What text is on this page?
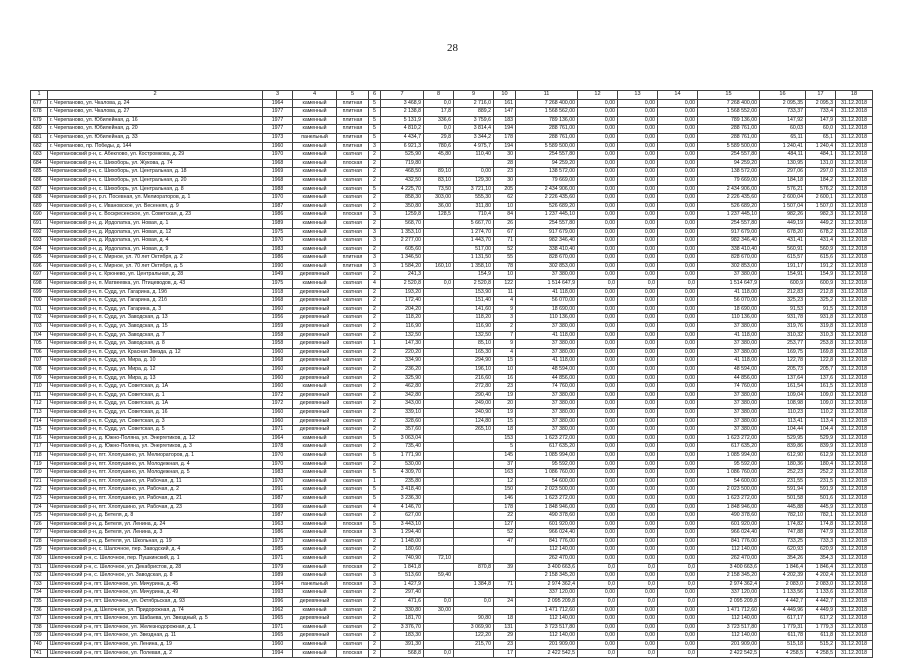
28
1	2	3	4	5	6	7	8	9	10	11	12	13	14	15	16	17	18
677	г. Черепаново, ул. Чкалова, д. 24	1964	каменный	плитная	5	3 468,9	0,0	2 716,0	161	7 268 400,00	0,00	0,00	0,00	7 268 400,00	2 095,35	2 095,3	31.12.2018
678	г. Черепаново, ул. Чкалова, д. 27	1977	каменный	плитная	5	2 138,8	17,8	889,2	147	1 568 562,00	0,00	0,00	0,00	1 568 552,00	733,37	733,4	31.12.2018
679	г. Черепаново, ул. Юбилейная, д. 16	1977	каменный	плитная	5	5 131,9	336,6	3 759,6	183	789 136,00	0,00	0,00	0,00	789 136,00	147,92	147,9	31.12.2018
680	г. Черепаново, ул. Юбилейная, д. 20	1977	каменный	плитная	5	4 810,2	0,0	3 814,4	194	288 761,00	0,00	0,00	0,00	288 761,00	60,03	60,0	31.12.2018
681	г. Черепаново, ул. Юбилейная, д. 33	1973	панельный	плитная	5	4 434,7	29,8	3 344,2	178	288 761,00	0,00	0,00	0,00	288 761,00	65,11	65,1	31.12.2018
682	г. Черепаново, пр. Победы, д. 144	1960	каменный	плитная	3	6 921,3	780,6	4 975,7	194	5 589 500,00	0,00	0,00	0,00	5 589 500,00	1 240,41	1 240,4	31.12.2018
683	Черепановский р-н, с. Абеклово, ул. Костромкова, д. 29	1970	каменный	скатная	2	525,90	45,80	110,40	30	254 557,80	0,00	0,00	0,00	254 557,80	484,11	484,1	31.12.2018
684	Черепановский р-н, с. Шихоборь, ул. Жукова, д. 74	1968	каменный	плоская	2	719,80			28	94 259,20	0,00	0,00	0,00	94 259,20	130,95	131,0	31.12.2018
685	Черепановский р-н, с. Шихоборь, ул. Центральная, д. 18	1969	каменный	скатная	2	468,50	89,10	0,00	23	138 572,00	0,00	0,00	0,00	138 572,00	297,06	297,0	31.12.2018
686	Черепановский р-н, с. Шихоборь, ул. Центральная, д. 20	1968	каменный	скатная	2	432,50	83,10	129,30	30	79 669,00	0,00	0,00	0,00	79 669,00	184,18	184,2	31.12.2018
687	Черепановский р-н, с. Шихоборь, ул. Центральная, д. 8	1988	каменный	скатная	5	4 225,70	73,50	3 721,10	205	2 434 906,00	0,00	0,00	0,00	2 434 906,00	576,21	576,2	31.12.2018
688	Черепановский р-н, р.п. Посевная, ул. Мелиораторов, д. 1	1970	каменный	скатная	2	858,30	303,00	555,30	62	2 226 435,60	0,00	0,00	0,00	2 226 435,60	2 600,04	2 600,1	31.12.2018
689	Черепановский р-н, с. Ивановское, ул. Весенняя, д. 9	1987	каменный	скатная	2	350,80	36,00	311,80	10	526 689,20	0,00	0,00	0,00	526 689,20	1 507,04	1 507,0	31.12.2018
690	Черепановский р-н, с. Воскресенское, ул. Советская, д. 23	1986	каменный	плоская	3	1259,8	128,5	710,4	84	1 237 445,10	0,00	0,00	0,00	1 237 445,10	982,26	982,3	31.12.2018
691	Черепановский р-н, д. Ирдолатка, ул. Новая, д. 1	1989	каменный	скатная	2	568,70		5 667,70	26	254 557,80	0,00	0,00	0,00	254 557,80	449,19	449,2	31.12.2018
692	Черепановский р-н, д. Ирдолатка, ул. Новая, д. 12	1975	каменный	скатная	3	1 353,10		1 274,70	67	917 679,00	0,00	0,00	0,00	917 679,00	678,20	678,2	31.12.2018
693	Черепановский р-н, д. Ирдолатка, ул. Новая, д. 4	1970	каменный	скатная	3	2 277,00		1 443,70	71	982 346,40	0,00	0,00	0,00	982 346,40	431,41	431,4	31.12.2018
694	Черепановский р-н, д. Ирдолатка, ул. Новая, д. 9	1983	каменный	скатная	2	605,60		517,00	52	338 410,40	0,00	0,00	0,00	338 410,40	560,91	560,9	31.12.2018
695	Черепановский р-н, с. Мирное, ул. 70 лет Октября, д. 2	1986	каменный	плитная	3	1 346,50		1 131,50	55	828 670,00	0,00	0,00	0,00	828 670,00	615,57	615,6	31.12.2018
696	Черепановский р-н, с. Мирное, ул. 70 лет Октября, д. 5	1990	каменный	плитная	3	1 584,20	160,10	1 358,10	78	302 853,00	0,00	0,00	0,00	302 853,00	191,17	191,2	31.12.2018
697	Черепановский р-н, с. Крюнево, ул. Центральная, д. 28	1949	деревянный	скатная	2	241,3		154,9	10	37 380,00	0,00	0,00	0,00	37 380,00	154,91	154,9	31.12.2018
698	Черепановский р-н, п. Матвеевка, ул. Птицеводов, д. 43	1975	каменный	скатная	4	2 520,8	0,0	2 520,8	122	1 514 647,9	0,0	0,0	0,0	1 514 647,9	600,9	600,9	31.12.2018
699	Черепановский р-н, п. Судд, ул. Гагарина, д. 19б	1918	деревянный	скатная	2	193,20		153,90	11	41 118,00	0,00	0,00	0,00	41 118,00	212,83	212,8	31.12.2018
700	Черепановский р-н, п. Судд, ул. Гагарина, д. 21б	1968	деревянный	скатная	2	172,40		151,40	4	56 070,00	0,00	0,00	0,00	56 070,00	325,23	325,2	31.12.2018
701	Черепановский р-н, п. Судд, ул. Гагарина, д. 3	1960	деревянный	скатная	2	204,20		141,60	9	18 690,00	0,00	0,00	0,00	18 690,00	91,53	91,5	31.12.2018
702	Черепановский р-н, п. Судд, ул. Заводская, д. 13	1956	деревянный	скатная	2	118,20		118,20	3	110 136,00	0,00	0,00	0,00	110 136,00	931,78	931,8	31.12.2018
703	Черепановский р-н, п. Судд, ул. Заводская, д. 15	1959	деревянный	скатная	2	116,90		116,90	2	37 380,00	0,00	0,00	0,00	37 380,00	319,76	319,8	31.12.2018
704	Черепановский р-н, п. Судд, ул. Заводская, д. 7	1958	деревянный	скатная	2	132,50		132,50	7	41 118,00	0,00	0,00	0,00	41 118,00	310,32	310,3	31.12.2018
705	Черепановский р-н, п. Судд, ул. Заводская, д. 8	1958	деревянный	скатная	1	147,30		85,10	9	37 380,00	0,00	0,00	0,00	37 380,00	253,77	253,8	31.12.2018
706	Черепановский р-н, п. Судд, ул. Красная Звезда, д. 12	1960	деревянный	скатная	2	220,20		165,30	4	37 380,00	0,00	0,00	0,00	37 380,00	169,75	169,8	31.12.2018
707	Черепановский р-н, п. Судд, ул. Мира, д. 10	1968	деревянный	скатная	2	334,90		294,90	15	41 118,00	0,00	0,00	0,00	41 118,00	122,78	122,8	31.12.2018
708	Черепановский р-н, п. Судд, ул. Мира, д. 12	1960	деревянный	скатная	2	236,20		196,10	10	48 594,00	0,00	0,00	0,00	48 594,00	205,73	205,7	31.12.2018
709	Черепановский р-н, п. Судд, ул. Мира, д. 13	1960	деревянный	скатная	2	325,90		216,60	16	44 856,00	0,00	0,00	0,00	44 856,00	137,64	137,6	31.12.2018
710	Черепановский р-н, п. Судд, ул. Советская, д. 1А	1960	каменный	скатная	2	462,80		272,80	23	74 760,00	0,00	0,00	0,00	74 760,00	161,54	161,5	31.12.2018
711	Черепановский р-н, п. Судд, ул. Советская, д. 1	1972	деревянный	скатная	2	342,80		290,40	19	37 380,00	0,00	0,00	0,00	37 380,00	109,04	109,0	31.12.2018
712	Черепановский р-н, п. Судд, ул. Советская, д. 1А	1972	деревянный	скатная	2	343,00		249,00	20	37 380,00	0,00	0,00	0,00	37 380,00	108,98	109,0	31.12.2018
713	Черепановский р-н, п. Судд, ул. Советская, д. 16	1960	деревянный	скатная	2	339,10		240,90	19	37 380,00	0,00	0,00	0,00	37 380,00	110,23	110,2	31.12.2018
714	Черепановский р-н, п. Судд, ул. Советская, д. 3	1960	деревянный	скатная	2	328,60		124,80	15	37 380,00	0,00	0,00	0,00	37 380,00	113,41	113,4	31.12.2018
715	Черепановский р-н, п. Судд, ул. Советская, д. 5	1971	деревянный	скатная	2	357,60		265,10	18	37 380,00	0,00	0,00	0,00	37 380,00	104,44	104,4	31.12.2018
716	Черепановский р-н, д. Южно-Поляна, ул. Энергетиков, д. 12	1964	каменный	скатная	5	3 063,04			153	1 623 272,00	0,00	0,00	0,00	1 623 272,00	529,95	529,9	31.12.2018
717	Черепановский р-н, д. Южно-Поляна, ул. Энергетиков, д. 3	1978	каменный	скатная	2	735,40			5	617 635,20	0,00	0,00	0,00	617 635,20	839,86	839,9	31.12.2018
718	Черепановский р-н, пгт. Хлопушино, ул. Мелиораторов, д. 1	1970	каменный	скатная	5	1 771,90			145	1 085 994,00	0,00	0,00	0,00	1 085 994,00	612,90	612,9	31.12.2018
719	Черепановский р-н, пгт. Хлопушино, ул. Молодежная, д. 4	1970	каменный	скатная	2	530,00			37	95 592,00	0,00	0,00	0,00	95 592,00	180,36	180,4	31.12.2018
720	Черепановский р-н, пгт. Хлопушино, ул. Молодежная, д. 5	1983	каменный	скатная	5	4 309,70			163	1 086 760,00	0,00	0,00	0,00	1 086 760,00	252,23	252,2	31.12.2018
721	Черепановский р-н, пгт. Хлопушино, ул. Рабочая, д. 11	1970	каменный	скатная	1	235,80			12	54 600,00	0,00	0,00	0,00	54 600,00	231,55	231,5	31.12.2018
722	Черепановский р-н, пгт. Хлопушино, ул. Рабочая, д. 2	1991	каменный	скатная	5	3 418,40			150	2 023 500,00	0,00	0,00	0,00	2 023 500,00	591,94	591,9	31.12.2018
723	Черепановский р-н, пгт. Хлопушино, ул. Рабочая, д. 21	1987	каменный	скатная	5	3 236,30			146	1 623 272,00	0,00	0,00	0,00	1 623 272,00	501,58	501,6	31.12.2018
724	Черепановский р-н, пгт. Хлопушино, ул. Рабочая, д. 23	1969	каменный	скатная	4	4 146,70			178	1 848 946,00	0,00	0,00	0,00	1 848 946,00	445,88	445,9	31.12.2018
725	Черепановский р-н, д. Бетеля, д. 8	1987	каменный	скатная	2	627,00			22	490 378,60	0,00	0,00	0,00	490 378,60	782,10	782,1	31.12.2018
726	Черепановский р-н, д. Бетеля, ул. Ленина, д. 24	1963	каменный	плоская	5	3 443,10			127	601 920,00	0,00	0,00	0,00	601 920,00	174,82	174,8	31.12.2018
727	Черепановский р-н, д. Бетеля, ул. Ленина, д. 3	1986	каменный	плоская	3	1 294,40			52	966 024,40	0,00	0,00	0,00	966 024,40	747,88	747,9	31.12.2018
728	Черепановский р-н, д. Бетеля, ул. Школьная, д. 19	1973	каменный	скатная	2	1 148,00			47	841 776,00	0,00	0,00	0,00	841 776,00	733,25	733,3	31.12.2018
729	Черепановский р-н, с. Шалочное, пер. Заводский, д. 4	1985	каменный	скатная	2	180,60				112 140,00	0,00	0,00	0,00	112 140,00	620,93	620,9	31.12.2018
730	Шелочинский р-н, с. Шелочное, пер. Пушкинский, д. 1	1971	каменный	скатная	2	740,90	72,10			262 470,00	0,00	0,00	0,00	262 470,00	354,26	354,3	31.12.2018
731	Шелочинский р-н, с. Шелочное, ул. Декабристов, д. 28	1979	каменный	плоская	2	1 841,8		870,8	39	3 400 663,6	0,0	0,0	0,0	3 400 663,6	1 846,4	1 846,4	31.12.2018
732	Шелочинский р-н, с. Шелочное, ул. Заводская, д. 8	1989	каменный	скатная	3	513,60	59,40			2 158 345,20	0,00	0,00	0,00	2 158 345,20	4 202,39	4 202,4	31.12.2018
733	Шелочинский р-н, пгт. Шелочное, ул. Мичурина, д. 45	1994	панельный	плоская	3	1 427,9		1 384,8	71	2 974 362,4	0,0	0,0	0,0	2 974 362,4	2 083,0	2 083,0	31.12.2018
734	Шелочинский р-н, пгт. Шелочное, ул. Мичурина, д. 49	1993	каменный	скатная	2	297,40				337 120,00	0,00	0,00	0,00	337 120,00	1 133,56	1 133,6	31.12.2018
735	Шелочинский р-н, пгт. Шелочное, ул. Октябрьская, д. 93	1996	деревянный	скатная	2	471,6	0,0	0,0	24	2 095 209,8	0,0	0,0	0,0	2 095 209,8	4 442,7	4 442,7	31.12.2018
736	Шелочинский р-н, д. Шелочное, ул. Придорожная, д. 74	1962	каменный	скатная	2	330,80	30,00			1 471 712,60	0,00	0,00	0,00	1 471 712,60	4 449,96	4 449,9	31.12.2018
737	Шелочинский р-н, пгт. Шелочное, ул. Шабаева, ул. Звездный, д. 5	1965	деревянный	скатная	2	181,70		90,80	18	112 140,00	0,00	0,00	0,00	112 140,00	617,17	617,2	31.12.2018
738	Шелочинский р-н, пгт. Шелочное, ул. Железнодорожная, д. 1	1971	каменный	скатная	2	3 376,70		3 069,90	131	3 723 517,80	0,00	0,00	0,00	3 723 517,80	1 779,31	1 779,3	31.12.2018
739	Шелочинский р-н, пгт. Шелочное, ул. Звездная, д. 11	1965	деревянный	скатная	2	183,30		122,20	29	112 140,00	0,00	0,00	0,00	112 140,00	611,78	611,8	31.12.2018
740	Шелочинский р-н, пгт. Шелочное, ул. Ленина, д. 19	1960	каменный	скатная	2	391,30		215,70	23	201 909,00	0,00	0,00	0,00	201 909,00	515,18	515,2	31.12.2018
741	Шелочинский р-н, пгт. Шелочное, ул. Полевая, д. 2	1994	каменный	плоская	2	568,8	0,0		17	2 422 542,5	0,0	0,0	0,0	2 422 542,5	4 258,5	4 258,5	31.12.2018
